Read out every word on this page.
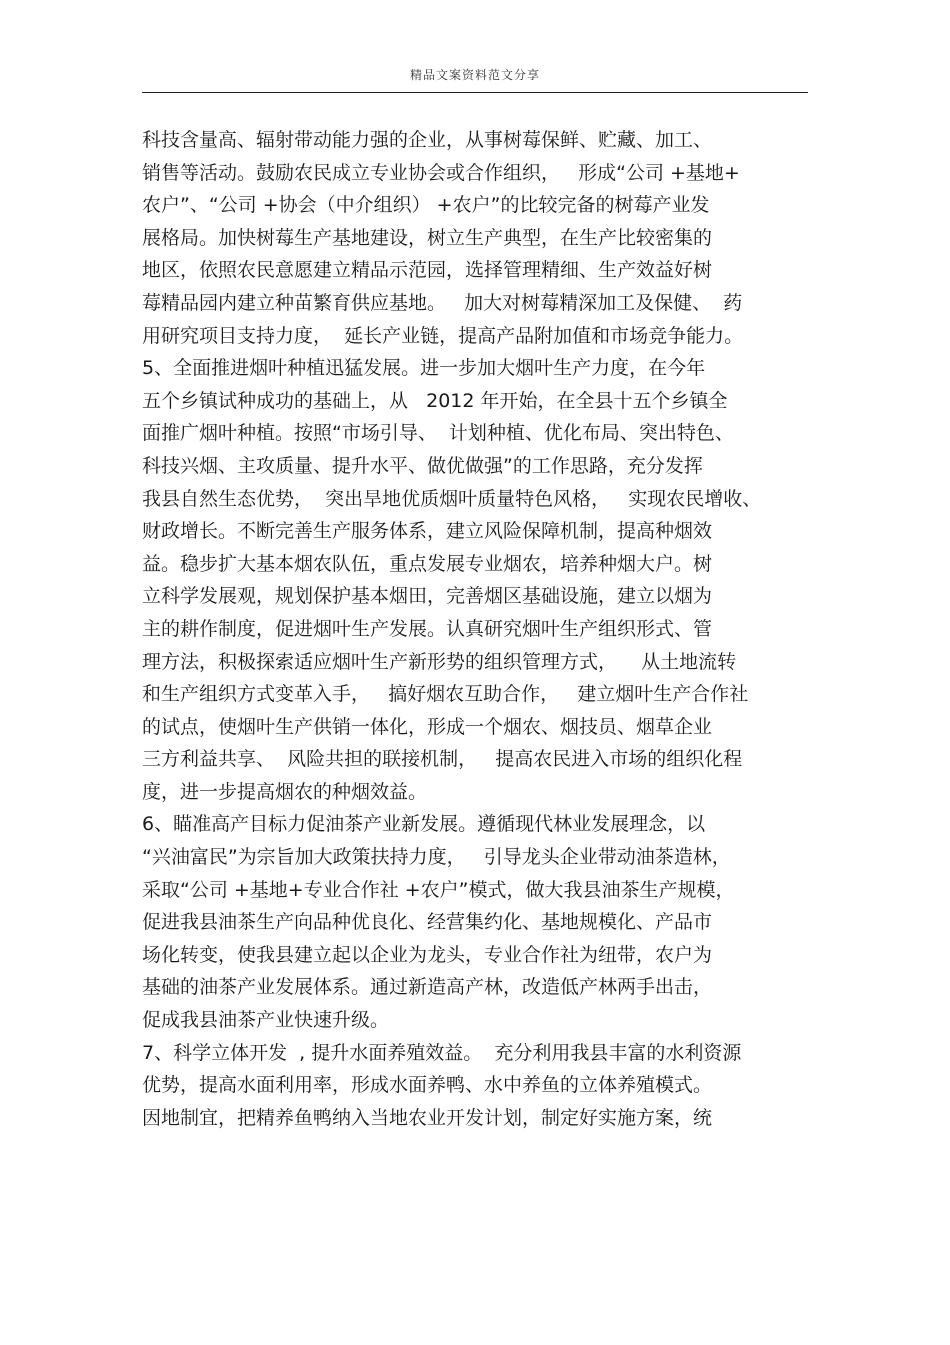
精品文案资料范文分享
科技含量高、辐射带动能力强的企业，从事树莓保鲜、贮藏、加工、
销售等活动。鼓励农民成立专业协会或合作组织，   形成“公司 +基地+
农户”、“公司 +协会（中介组织） +农户”的比较完备的树莓产业发
展格局。加快树莓生产基地建设，树立生产典型，在生产比较密集的
地区，依照农民意愿建立精品示范园，选择管理精细、生产效益好树
莓精品园内建立种苗繁育供应基地。   加大对树莓精深加工及保健、  药
用研究项目支持力度，  延长产业链，提高产品附加值和市场竞争能力。
5、全面推进烟叶种植迅猛发展。进一步加大烟叶生产力度，在今年
五个乡镇试种成功的基础上，从   2012 年开始，在全县十五个乡镇全
面推广烟叶种植。按照“市场引导、  计划种植、优化布局、突出特色、
科技兴烟、主攻质量、提升水平、做优做强”的工作思路，充分发挥
我县自然生态优势，  突出旱地优质烟叶质量特色风格，   实现农民增收、
财政增长。不断完善生产服务体系，建立风险保障机制，提高种烟效
益。稳步扩大基本烟农队伍，重点发展专业烟农，培养种烟大户。树
立科学发展观，规划保护基本烟田，完善烟区基础设施，建立以烟为
主的耕作制度，促进烟叶生产发展。认真研究烟叶生产组织形式、管
理方法，积极探索适应烟叶生产新形势的组织管理方式，    从土地流转
和生产组织方式变革入手，   搞好烟农互助合作，   建立烟叶生产合作社
的试点，使烟叶生产供销一体化，形成一个烟农、烟技员、烟草企业
三方利益共享、  风险共担的联接机制，   提高农民进入市场的组织化程
度，进一步提高烟农的种烟效益。
6、瞄准高产目标力促油茶产业新发展。遵循现代林业发展理念，以
“兴油富民”为宗旨加大政策扶持力度，   引导龙头企业带动油茶造林，
采取“公司 +基地+专业合作社 +农户”模式，做大我县油茶生产规模，
促进我县油茶生产向品种优良化、经营集约化、基地规模化、产品市
场化转变，使我县建立起以企业为龙头，专业合作社为纽带，农户为
基础的油茶产业发展体系。通过新造高产林，改造低产林两手出击，
促成我县油茶产业快速升级。
7、科学立体开发  , 提升水面养殖效益。  充分利用我县丰富的水利资源
优势，提高水面利用率，形成水面养鸭、水中养鱼的立体养殖模式。
因地制宜，把精养鱼鸭纳入当地农业开发计划，制定好实施方案，统
